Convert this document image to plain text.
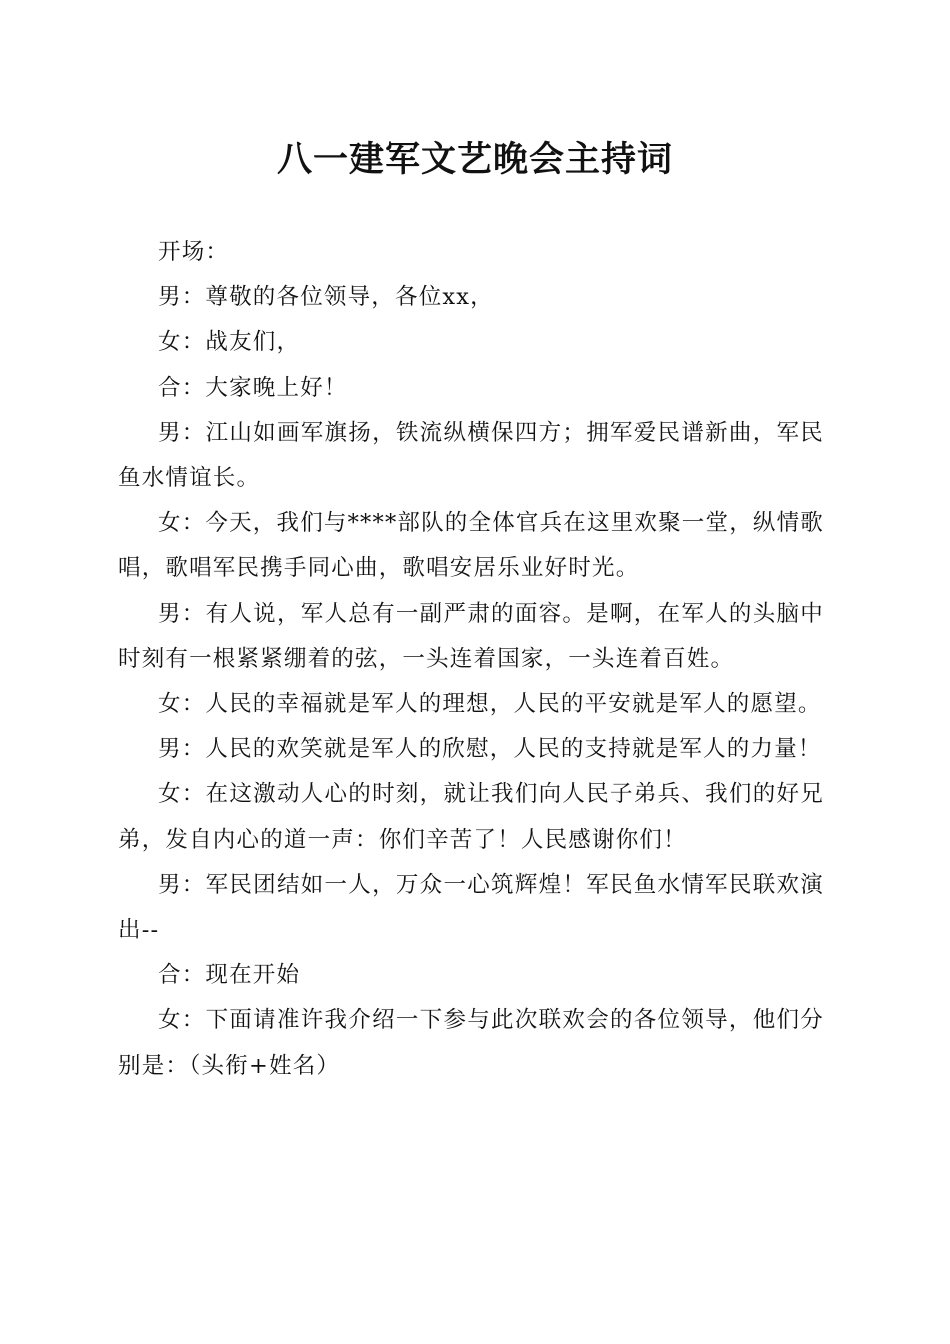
八一建军文艺晚会主持词

开场：

男：尊敬的各位领导，各位xx，

女：战友们，

合：大家晚上好！

男：江山如画军旗扬，铁流纵横保四方；拥军爱民谱新曲，军民鱼水情谊长。

女：今天，我们与****部队的全体官兵在这里欢聚一堂，纵情歌唱，歌唱军民携手同心曲，歌唱安居乐业好时光。

男：有人说，军人总有一副严肃的面容。是啊，在军人的头脑中时刻有一根紧紧绷着的弦，一头连着国家，一头连着百姓。

女：人民的幸福就是军人的理想，人民的平安就是军人的愿望。

男：人民的欢笑就是军人的欣慰，人民的支持就是军人的力量！

女：在这激动人心的时刻，就让我们向人民子弟兵、我们的好兄弟，发自内心的道一声：你们辛苦了！人民感谢你们！

男：军民团结如一人，万众一心筑辉煌！军民鱼水情军民联欢演出--

合：现在开始

女：下面请准许我介绍一下参与此次联欢会的各位领导，他们分别是：（头衔+姓名）
